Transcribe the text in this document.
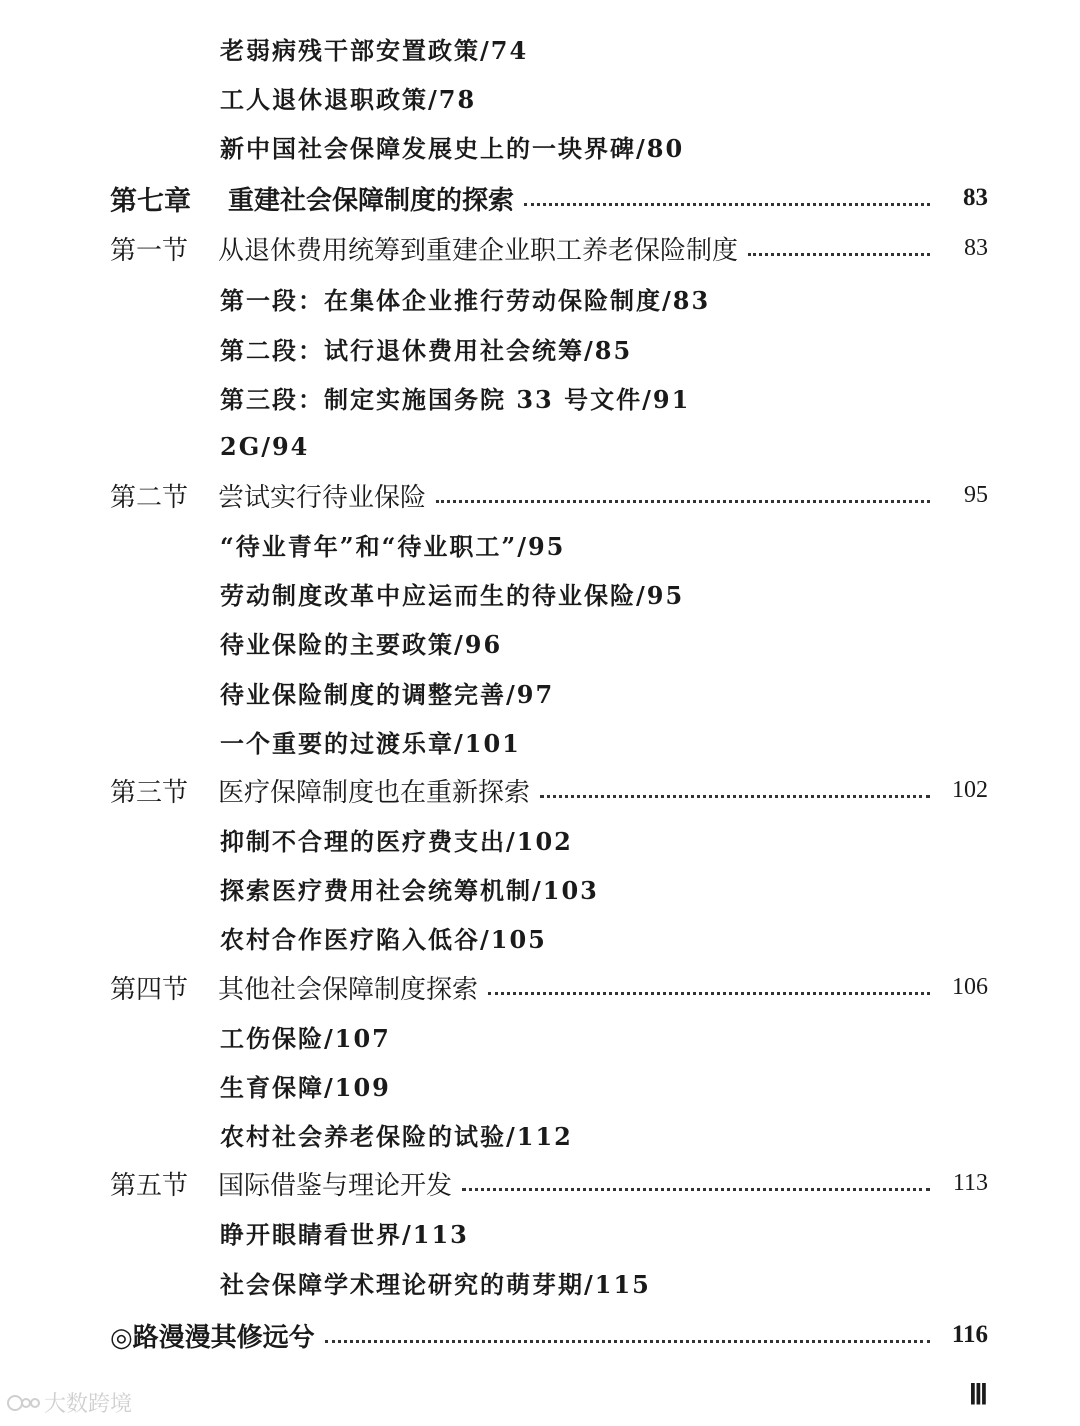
老弱病残干部安置政策/74
工人退休退职政策/78
新中国社会保障发展史上的一块界碑/80
第七章 重建社会保障制度的探索	83
第一节 从退休费用统筹到重建企业职工养老保险制度	83
第一段：在集体企业推行劳动保险制度/83
第二段：试行退休费用社会统筹/85
第三段：制定实施国务院 33 号文件/91
2G/94
第二节 尝试实行待业保险	95
“待业青年”和“待业职工”/95
劳动制度改革中应运而生的待业保险/95
待业保险的主要政策/96
待业保险制度的调整完善/97
一个重要的过渡乐章/101
第三节 医疗保障制度也在重新探索	102
抑制不合理的医疗费支出/102
探索医疗费用社会统筹机制/103
农村合作医疗陷入低谷/105
第四节 其他社会保障制度探索	106
工伤保险/107
生育保障/109
农村社会养老保险的试验/112
第五节 国际借鉴与理论开发	113
睁开眼睛看世界/113
社会保障学术理论研究的萌芽期/115
◎路漫漫其修远兮	116
Ⅲ
大数跨境
